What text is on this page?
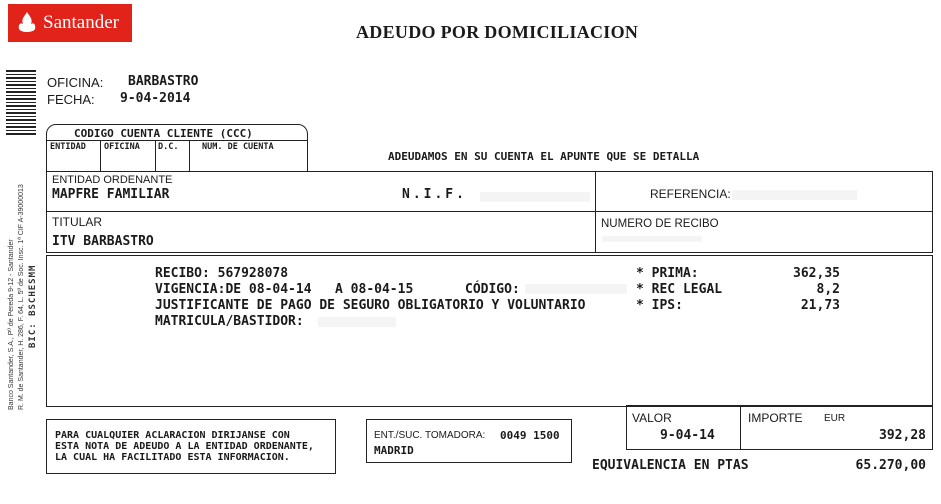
Santander	ADEUDO POR DOMICILIACION
Banco Santander, S.A., Pº de Pereda 9-12 - Santander R. M. de Santander, H. 286, F. 64, L. 5º de Soc. Insc. 1ª CIF A-39000013 BIC: BSCHESMM
OFICINA: BARBASTRO
FECHA: 9-04-2014
CODIGO CUENTA CLIENTE (CCC)
ENTIDAD OFICINA D.C.	NUM. DE CUENTA
ADEUDAMOS EN SU CUENTA EL APUNTE QUE SE DETALLA
ENTIDAD ORDENANTE
MAPFRE FAMILIAR	N.I.F.	REFERENCIA:
TITULAR
ITV BARBASTRO
NUMERO DE RECIBO
RECIBO: 567928078
VIGENCIA:DE 08-04-14   A 08-04-15	CÓDIGO:
JUSTIFICANTE DE PAGO DE SEGURO OBLIGATORIO Y VOLUNTARIO
MATRICULA/BASTIDOR:
* PRIMA:	362,35
* REC LEGAL	8,2
* IPS:	21,73
VALOR
9-04-14
IMPORTE EUR
392,28
PARA CUALQUIER ACLARACION DIRIJANSE CON
ESTA NOTA DE ADEUDO A LA ENTIDAD ORDENANTE,
LA CUAL HA FACILITADO ESTA INFORMACION.
ENT./SUC. TOMADORA: 0049 1500
MADRID
EQUIVALENCIA EN PTAS	65.270,00
